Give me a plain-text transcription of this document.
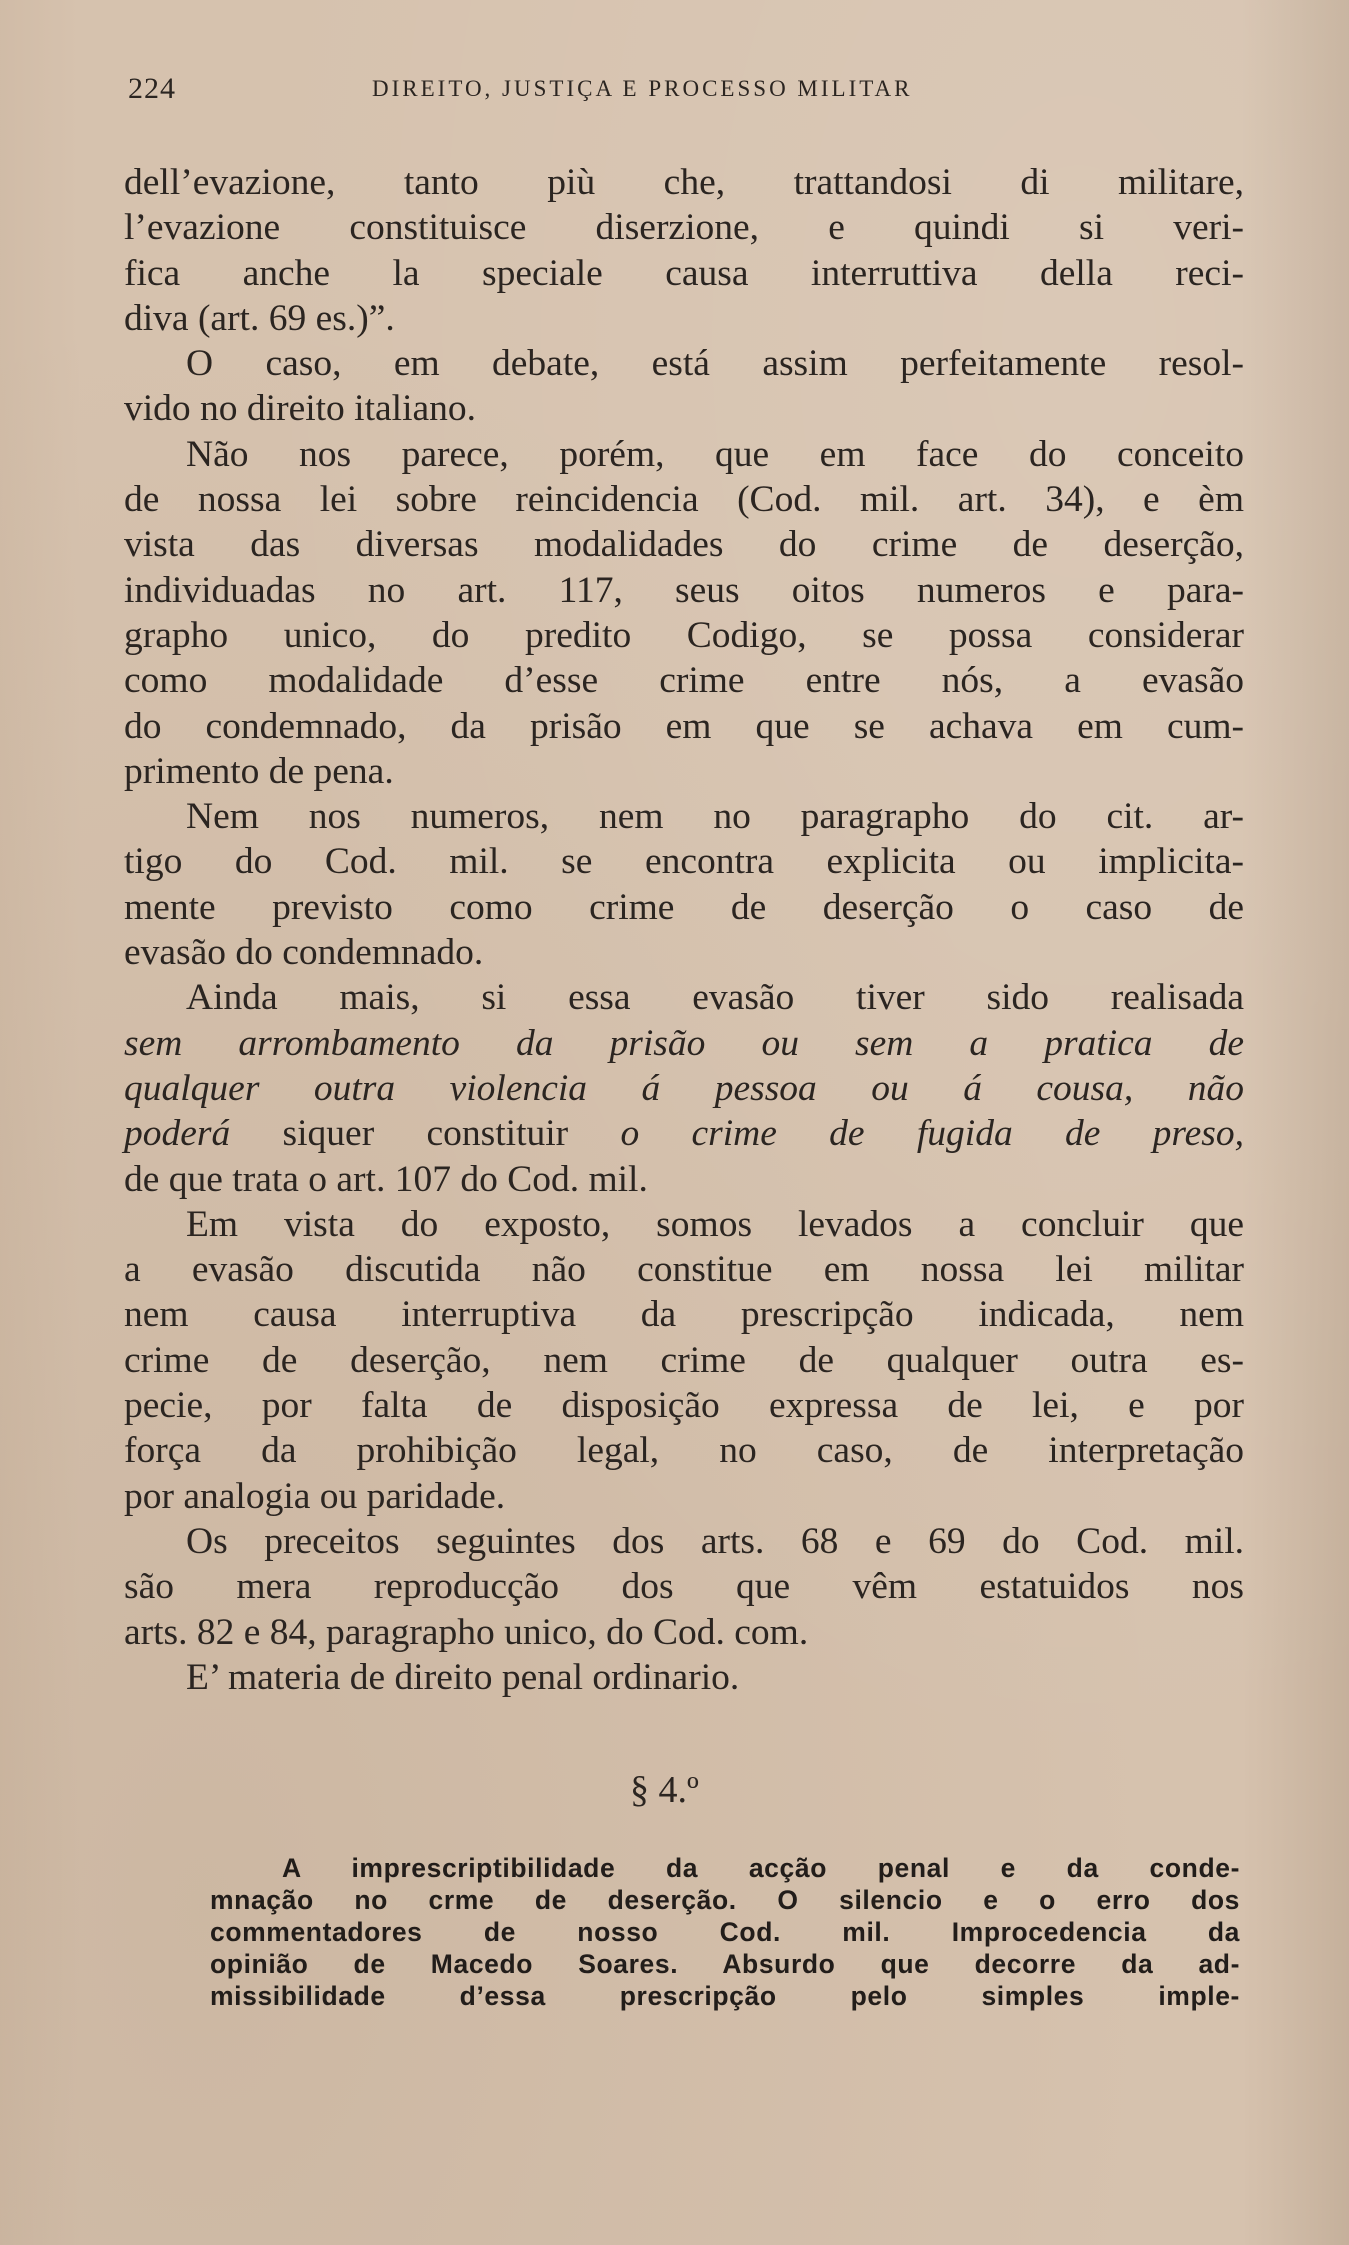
224	DIREITO, JUSTIÇA E PROCESSO MILITAR
dell’evazione, tanto più che, trattandosi di militare,
l’evazione constituisce diserzione, e quindi si veri-
fica anche la speciale causa interruttiva della reci-
diva (art. 69 es.)”.
O caso, em debate, está assim perfeitamente resol-
vido no direito italiano.
Não nos parece, porém, que em face do conceito
de nossa lei sobre reincidencia (Cod. mil. art. 34), e èm
vista das diversas modalidades do crime de deserção,
individuadas no art. 117, seus oitos numeros e para-
grapho unico, do predito Codigo, se possa considerar
como modalidade d’esse crime entre nós, a evasão
do condemnado, da prisão em que se achava em cum-
primento de pena.
Nem nos numeros, nem no paragrapho do cit. ar-
tigo do Cod. mil. se encontra explicita ou implicita-
mente previsto como crime de deserção o caso de
evasão do condemnado.
Ainda mais, si essa evasão tiver sido realisada
sem arrombamento da prisão ou sem a pratica de
qualquer outra violencia á pessoa ou á cousa, não
poderá siquer constituir o crime de fugida de preso,
de que trata o art. 107 do Cod. mil.
Em vista do exposto, somos levados a concluir que
a evasão discutida não constitue em nossa lei militar
nem causa interruptiva da prescripção indicada, nem
crime de deserção, nem crime de qualquer outra es-
pecie, por falta de disposição expressa de lei, e por
força da prohibição legal, no caso, de interpretação
por analogia ou paridade.
Os preceitos seguintes dos arts. 68 e 69 do Cod. mil.
são mera reproducção dos que vêm estatuidos nos
arts. 82 e 84, paragrapho unico, do Cod. com.
E’ materia de direito penal ordinario.
§ 4.º
A imprescriptibilidade da acção penal e da conde-
mnação no crme de deserção. O silencio e o erro dos
commentadores de nosso Cod. mil. Improcedencia da
opinião de Macedo Soares. Absurdo que decorre da ad-
missibilidade d’essa prescripção pelo simples imple-
